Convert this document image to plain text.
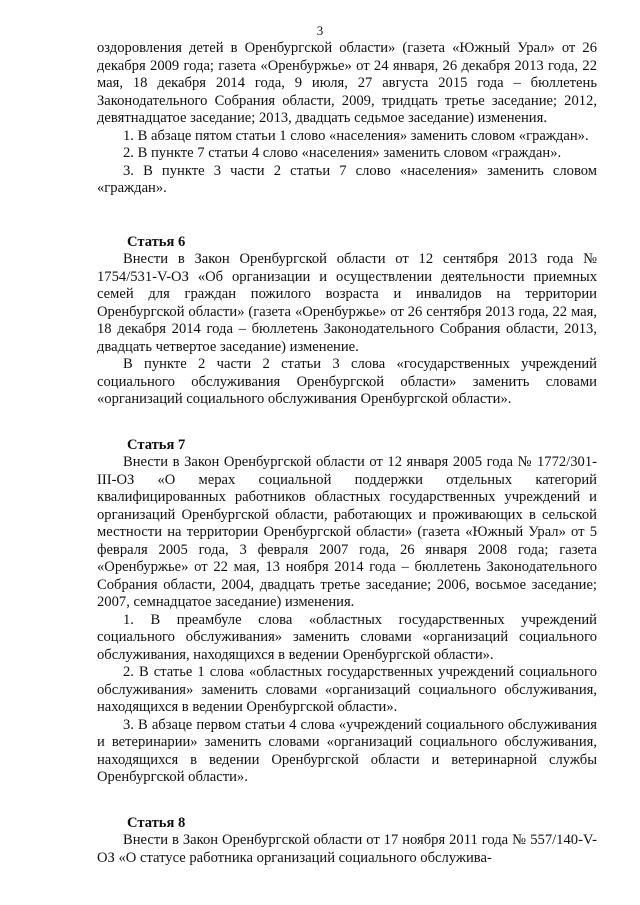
3

оздоровления детей в Оренбургской области» (газета «Южный Урал» от 26 декабря 2009 года; газета «Оренбуржье» от 24 января, 26 декабря 2013 года, 22 мая, 18 декабря 2014 года, 9 июля, 27 августа 2015 года – бюллетень Законодательного Собрания области, 2009, тридцать третье заседание; 2012, девятнадцатое заседание; 2013, двадцать седьмое заседание) изменения.

1. В абзаце пятом статьи 1 слово «населения» заменить словом «граждан».

2. В пункте 7 статьи 4 слово «населения» заменить словом «граждан».

3. В пункте 3 части 2 статьи 7 слово «населения» заменить словом «граждан».

Статья 6

Внести в Закон Оренбургской области от 12 сентября 2013 года № 1754/531-V-ОЗ «Об организации и осуществлении деятельности приемных семей для граждан пожилого возраста и инвалидов на территории Оренбургской области» (газета «Оренбуржье» от 26 сентября 2013 года, 22 мая, 18 декабря 2014 года – бюллетень Законодательного Собрания области, 2013, двадцать четвертое заседание) изменение.

В пункте 2 части 2 статьи 3 слова «государственных учреждений социального обслуживания Оренбургской области» заменить словами «организаций социального обслуживания Оренбургской области».

Статья 7

Внести в Закон Оренбургской области от 12 января 2005 года № 1772/301-III-ОЗ «О мерах социальной поддержки отдельных категорий квалифицированных работников областных государственных учреждений и организаций Оренбургской области, работающих и проживающих в сельской местности на территории Оренбургской области» (газета «Южный Урал» от 5 февраля 2005 года, 3 февраля 2007 года, 26 января 2008 года; газета «Оренбуржье» от 22 мая, 13 ноября 2014 года – бюллетень Законодательного Собрания области, 2004, двадцать третье заседание; 2006, восьмое заседание; 2007, семнадцатое заседание) изменения.

1. В преамбуле слова «областных государственных учреждений социального обслуживания» заменить словами «организаций социального обслуживания, находящихся в ведении Оренбургской области».

2. В статье 1 слова «областных государственных учреждений социального обслуживания» заменить словами «организаций социального обслуживания, находящихся в ведении Оренбургской области».

3. В абзаце первом статьи 4 слова «учреждений социального обслуживания и ветеринарии» заменить словами «организаций социального обслуживания, находящихся в ведении Оренбургской области и ветеринарной службы Оренбургской области».

Статья 8

Внести в Закон Оренбургской области от 17 ноября 2011 года № 557/140-V-ОЗ «О статусе работника организаций социального обслужива-
